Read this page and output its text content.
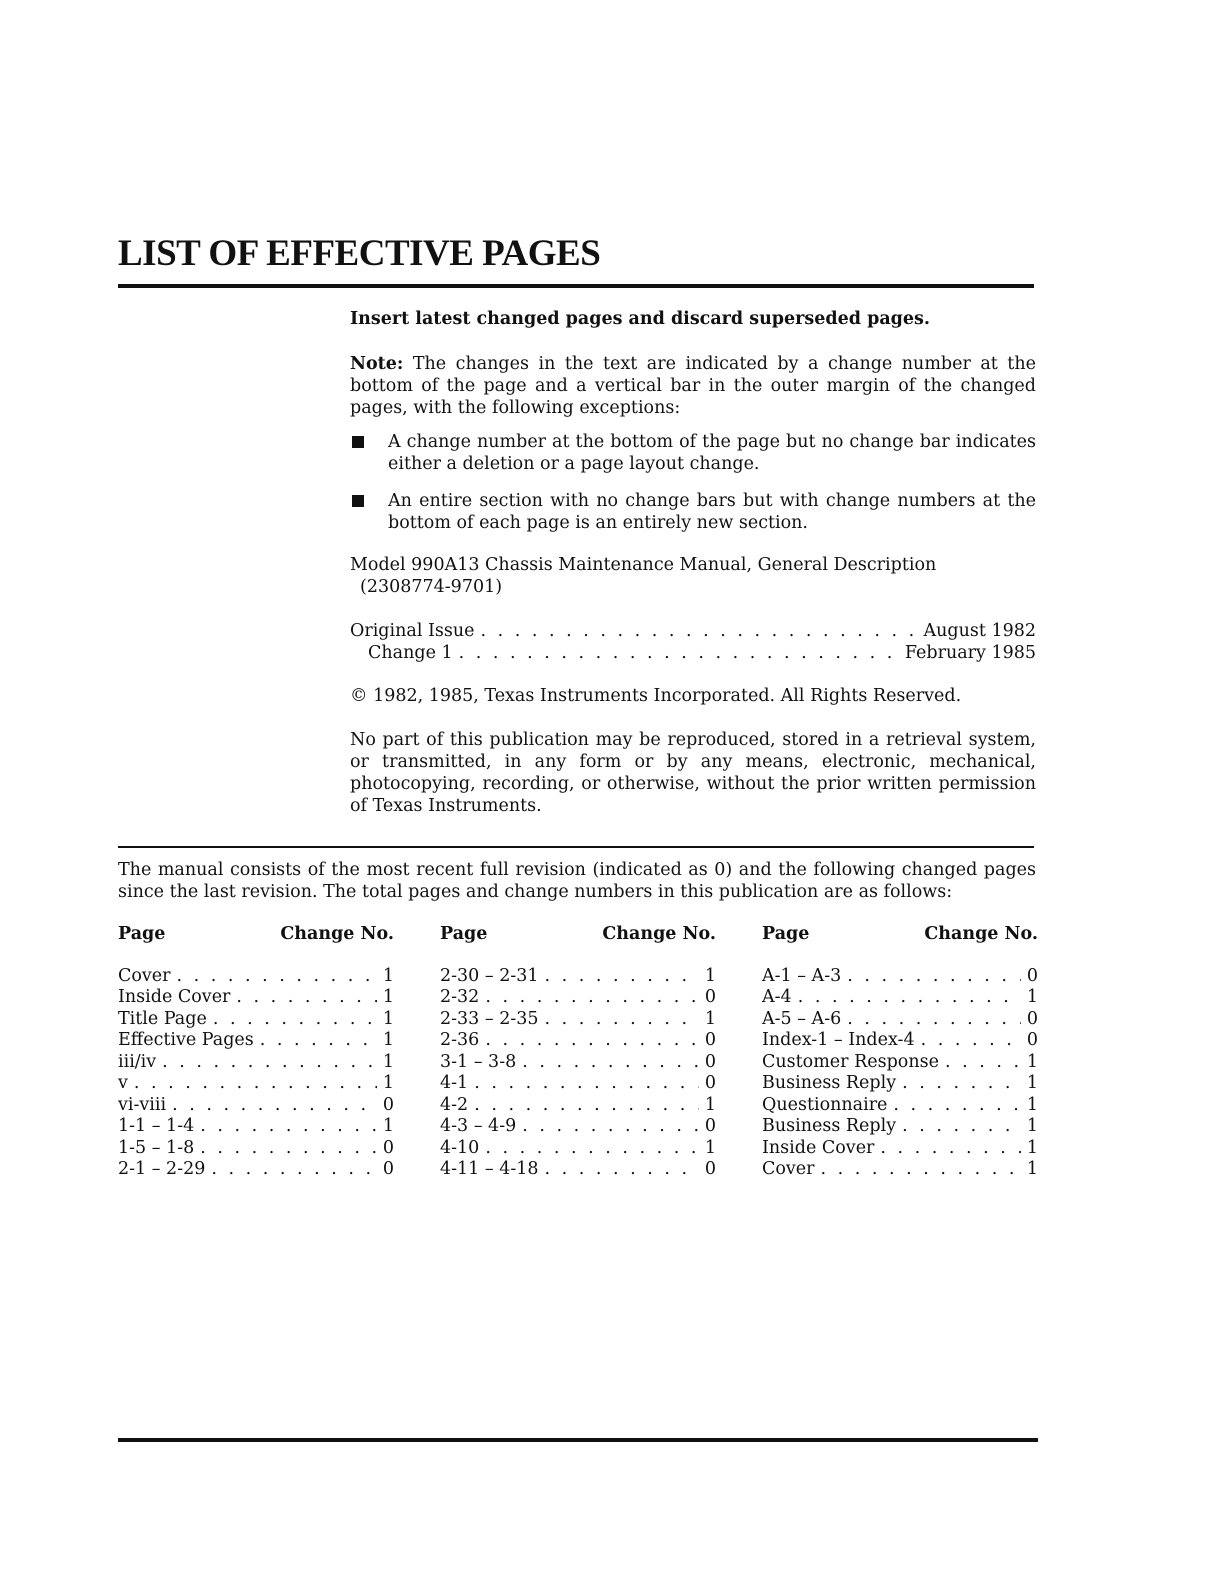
LIST OF EFFECTIVE PAGES

Insert latest changed pages and discard superseded pages.

Note: The changes in the text are indicated by a change number at the bottom of the page and a vertical bar in the outer margin of the changed pages, with the following exceptions:

A change number at the bottom of the page but no change bar indicates either a deletion or a page layout change.

An entire section with no change bars but with change numbers at the bottom of each page is an entirely new section.

Model 990A13 Chassis Maintenance Manual, General Description

(2308774-9701)

Original Issue . . .	August 1982
Change 1 . . .	February 1985

© 1982, 1985, Texas Instruments Incorporated. All Rights Reserved.

No part of this publication may be reproduced, stored in a retrieval system, or transmitted, in any form or by any means, electronic, mechanical, photocopying, recording, or otherwise, without the prior written permission of Texas Instruments.

The manual consists of the most recent full revision (indicated as 0) and the following changed pages since the last revision. The total pages and change numbers in this publication are as follows:

Page	Change No.
Cover . . .	1
Inside Cover . . .	1
Title Page . . .	1
Effective Pages . . .	1
iii/iv . . .	1
v . . .	1
vi-viii . . .	0
1-1 – 1-4 . . .	1
1-5 – 1-8 . . .	0
2-1 – 2-29 . . .	0
Page	Change No.
2-30 – 2-31 . . .	1
2-32 . . .	0
2-33 – 2-35 . . .	1
2-36 . . .	0
3-1 – 3-8 . . .	0
4-1 . . .	0
4-2 . . .	1
4-3 – 4-9 . . .	0
4-10 . . .	1
4-11 – 4-18 . . .	0
Page	Change No.
A-1 – A-3 . . .	0
A-4 . . .	1
A-5 – A-6 . . .	0
Index-1 – Index-4 . . .	0
Customer Response . . .	1
Business Reply . . .	1
Questionnaire . . .	1
Business Reply . . .	1
Inside Cover . . .	1
Cover . . .	1
